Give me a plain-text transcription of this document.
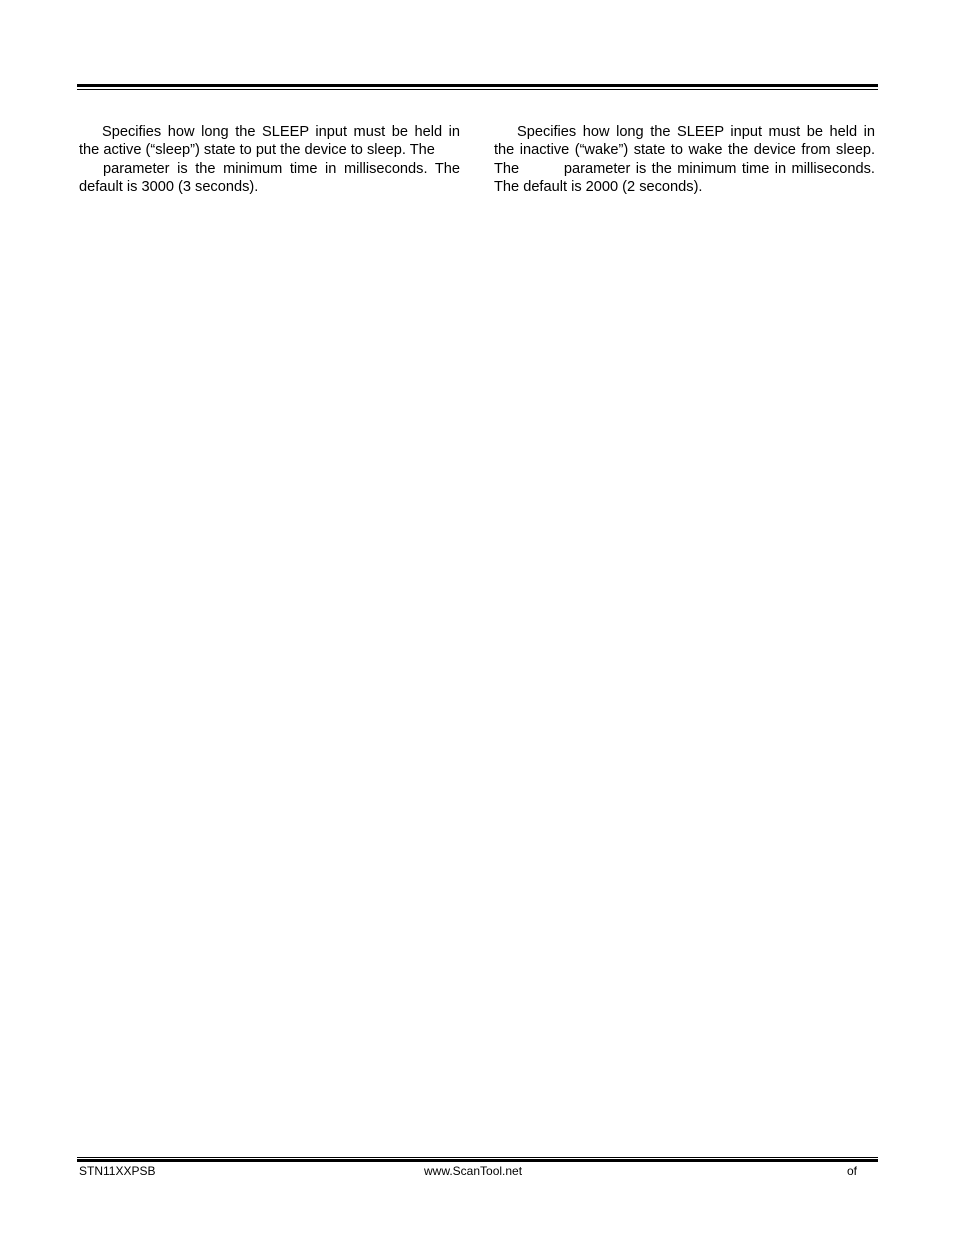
Specifies how long the SLEEP input must be held in the active (“sleep”) state to put the device to sleep. The
parameter is the minimum time in milliseconds. The default is 3000 (3 seconds).

Specifies how long the SLEEP input must be held in the inactive (“wake”) state to wake the device from sleep. The	parameter is the minimum time in milliseconds. The default is 2000 (2 seconds).

STN11XXPSB	www.ScanTool.net	of
